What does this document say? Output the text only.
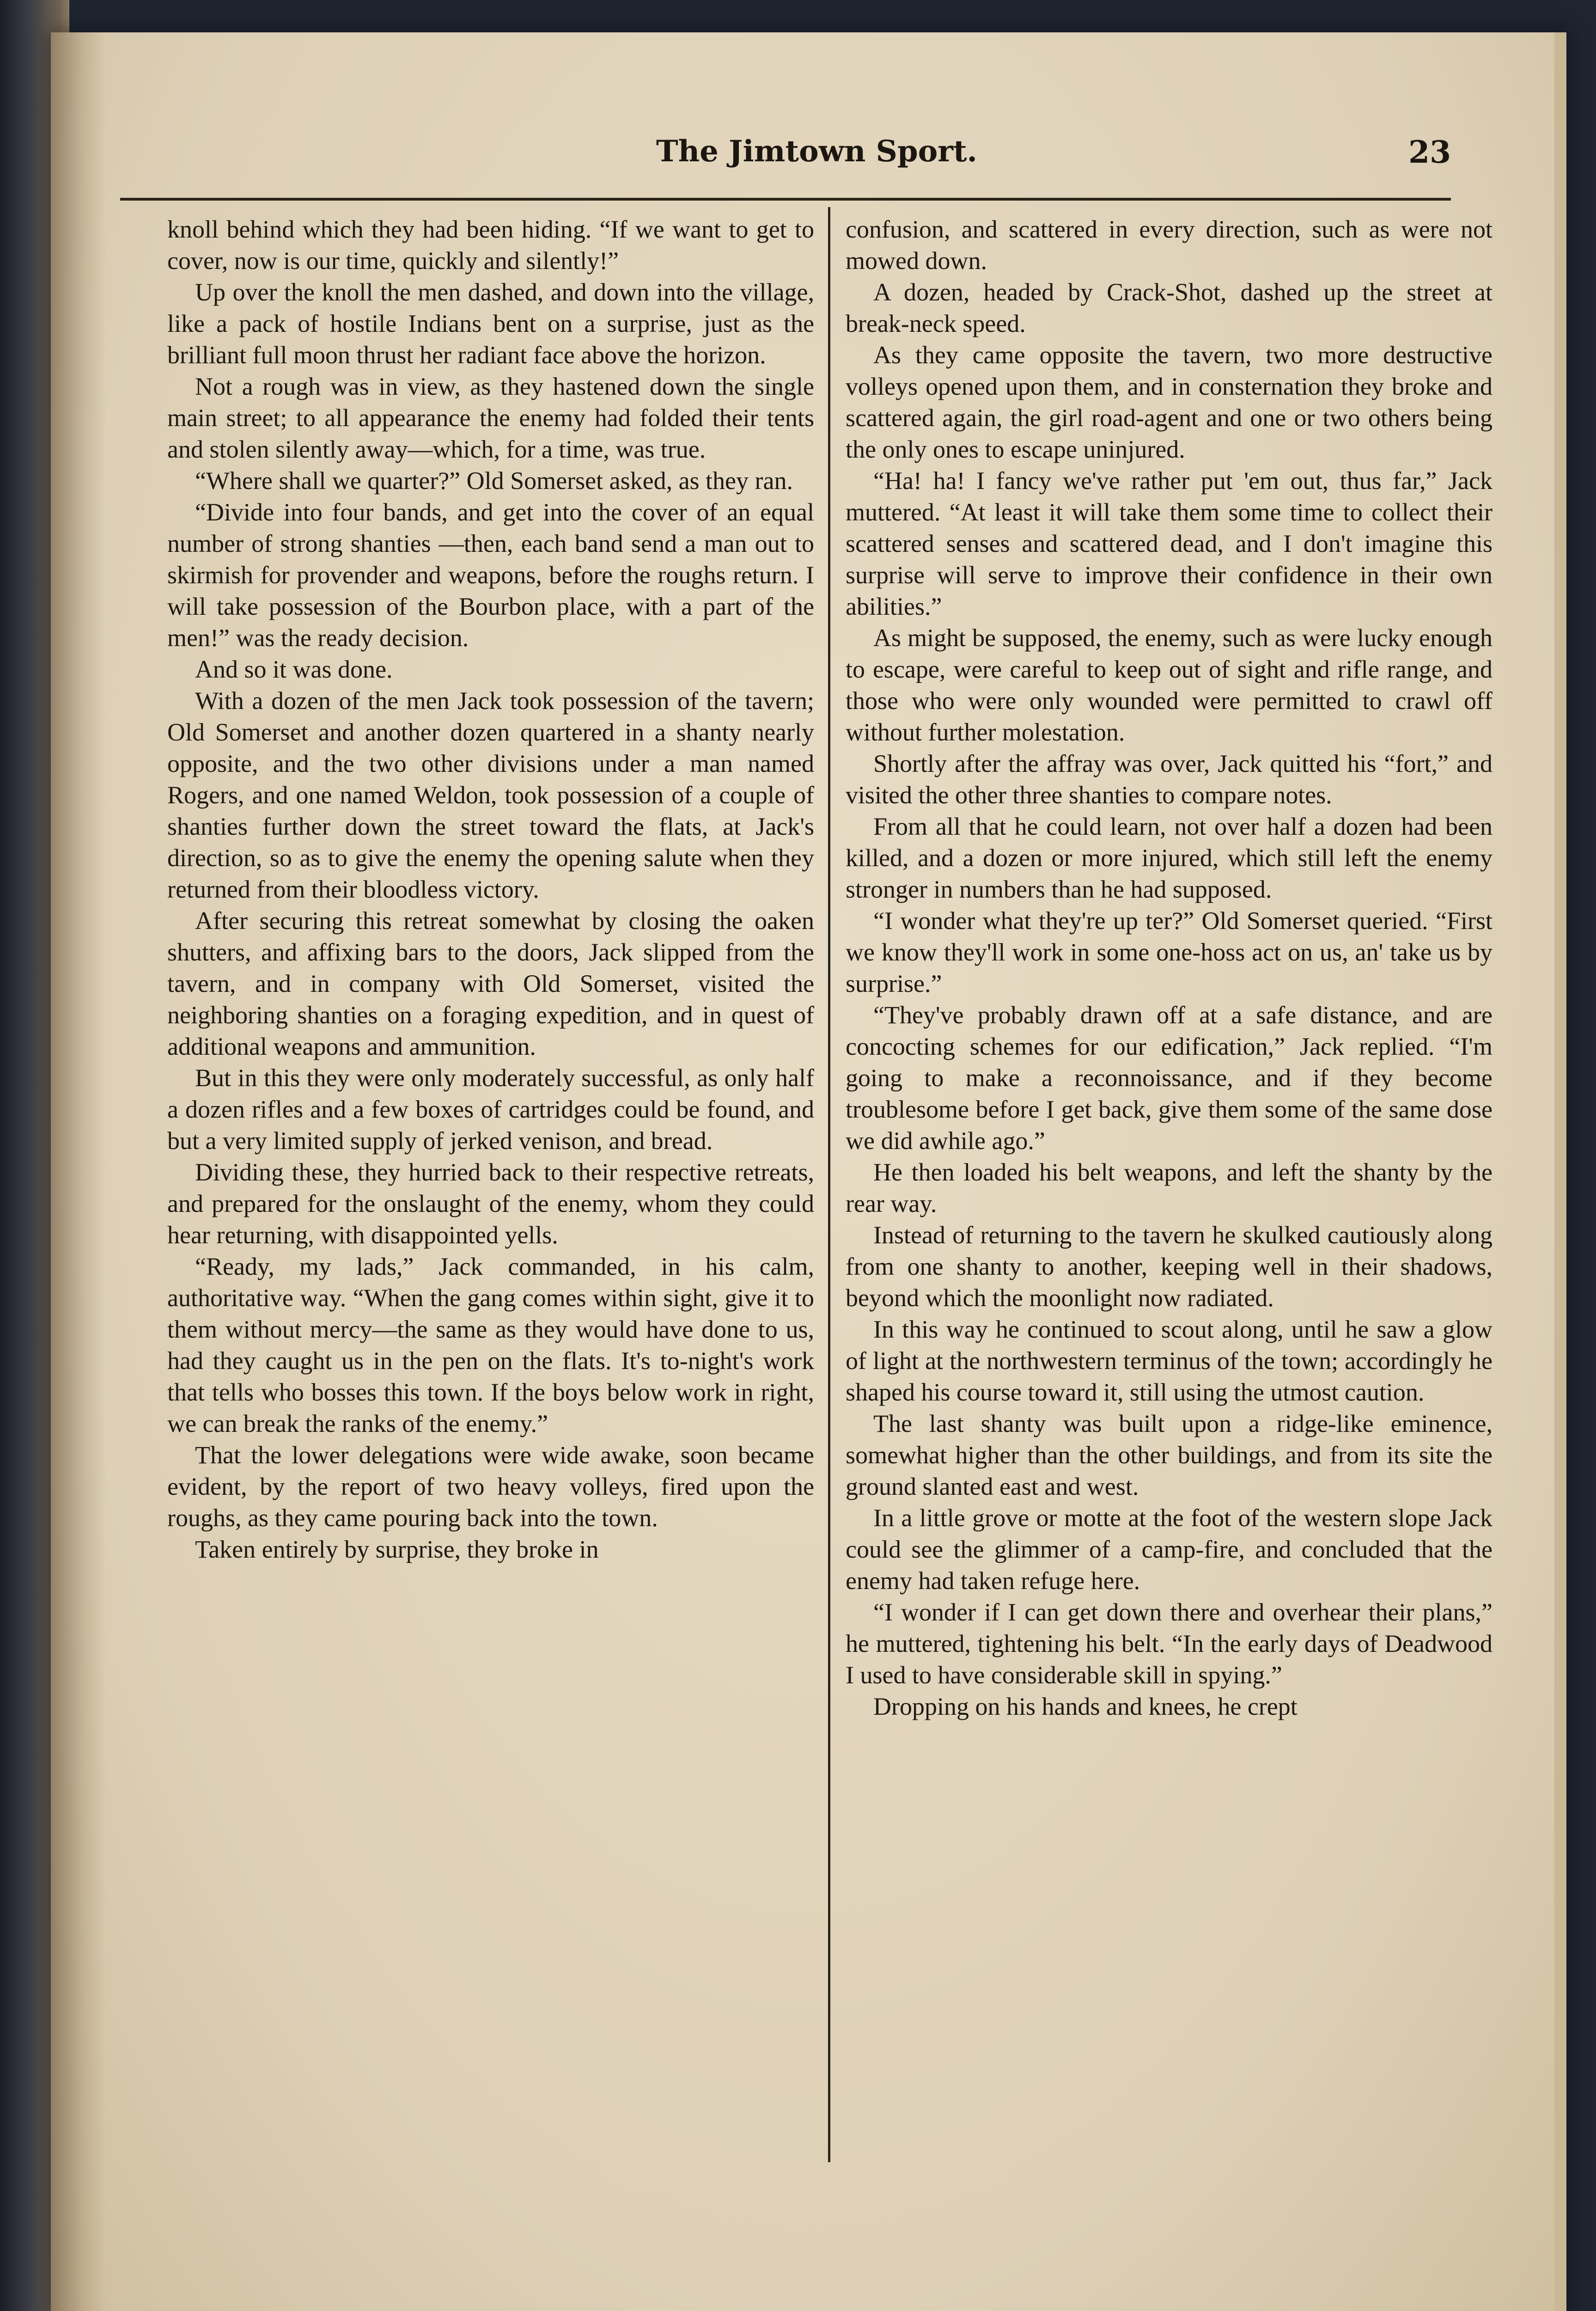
The Jimtown Sport.	23

knoll behind which they had been hiding. “If we want to get to cover, now is our time, quickly and silently!”

Up over the knoll the men dashed, and down into the village, like a pack of hostile Indians bent on a surprise, just as the brilliant full moon thrust her radiant face above the horizon.

Not a rough was in view, as they hastened down the single main street; to all appearance the enemy had folded their tents and stolen silently away—which, for a time, was true.

“Where shall we quarter?” Old Somerset asked, as they ran.

“Divide into four bands, and get into the cover of an equal number of strong shanties —then, each band send a man out to skirmish for provender and weapons, before the roughs return. I will take possession of the Bourbon place, with a part of the men!” was the ready decision.

And so it was done.

With a dozen of the men Jack took possession of the tavern; Old Somerset and another dozen quartered in a shanty nearly opposite, and the two other divisions under a man named Rogers, and one named Weldon, took possession of a couple of shanties further down the street toward the flats, at Jack's direction, so as to give the enemy the opening salute when they returned from their bloodless victory.

After securing this retreat somewhat by closing the oaken shutters, and affixing bars to the doors, Jack slipped from the tavern, and in company with Old Somerset, visited the neighboring shanties on a foraging expedition, and in quest of additional weapons and ammunition.

But in this they were only moderately successful, as only half a dozen rifles and a few boxes of cartridges could be found, and but a very limited supply of jerked venison, and bread.

Dividing these, they hurried back to their respective retreats, and prepared for the onslaught of the enemy, whom they could hear returning, with disappointed yells.

“Ready, my lads,” Jack commanded, in his calm, authoritative way. “When the gang comes within sight, give it to them without mercy—the same as they would have done to us, had they caught us in the pen on the flats. It's to-night's work that tells who bosses this town. If the boys below work in right, we can break the ranks of the enemy.”

That the lower delegations were wide awake, soon became evident, by the report of two heavy volleys, fired upon the roughs, as they came pouring back into the town.

Taken entirely by surprise, they broke in

confusion, and scattered in every direction, such as were not mowed down.

A dozen, headed by Crack-Shot, dashed up the street at break-neck speed.

As they came opposite the tavern, two more destructive volleys opened upon them, and in consternation they broke and scattered again, the girl road-agent and one or two others being the only ones to escape uninjured.

“Ha! ha! I fancy we've rather put 'em out, thus far,” Jack muttered. “At least it will take them some time to collect their scattered senses and scattered dead, and I don't imagine this surprise will serve to improve their confidence in their own abilities.”

As might be supposed, the enemy, such as were lucky enough to escape, were careful to keep out of sight and rifle range, and those who were only wounded were permitted to crawl off without further molestation.

Shortly after the affray was over, Jack quitted his “fort,” and visited the other three shanties to compare notes.

From all that he could learn, not over half a dozen had been killed, and a dozen or more injured, which still left the enemy stronger in numbers than he had supposed.

“I wonder what they're up ter?” Old Somerset queried. “First we know they'll work in some one-hoss act on us, an' take us by surprise.”

“They've probably drawn off at a safe distance, and are concocting schemes for our edification,” Jack replied. “I'm going to make a reconnoissance, and if they become troublesome before I get back, give them some of the same dose we did awhile ago.”

He then loaded his belt weapons, and left the shanty by the rear way.

Instead of returning to the tavern he skulked cautiously along from one shanty to another, keeping well in their shadows, beyond which the moonlight now radiated.

In this way he continued to scout along, until he saw a glow of light at the northwestern terminus of the town; accordingly he shaped his course toward it, still using the utmost caution.

The last shanty was built upon a ridge-like eminence, somewhat higher than the other buildings, and from its site the ground slanted east and west.

In a little grove or motte at the foot of the western slope Jack could see the glimmer of a camp-fire, and concluded that the enemy had taken refuge here.

“I wonder if I can get down there and overhear their plans,” he muttered, tightening his belt. “In the early days of Deadwood I used to have considerable skill in spying.”

Dropping on his hands and knees, he crept
